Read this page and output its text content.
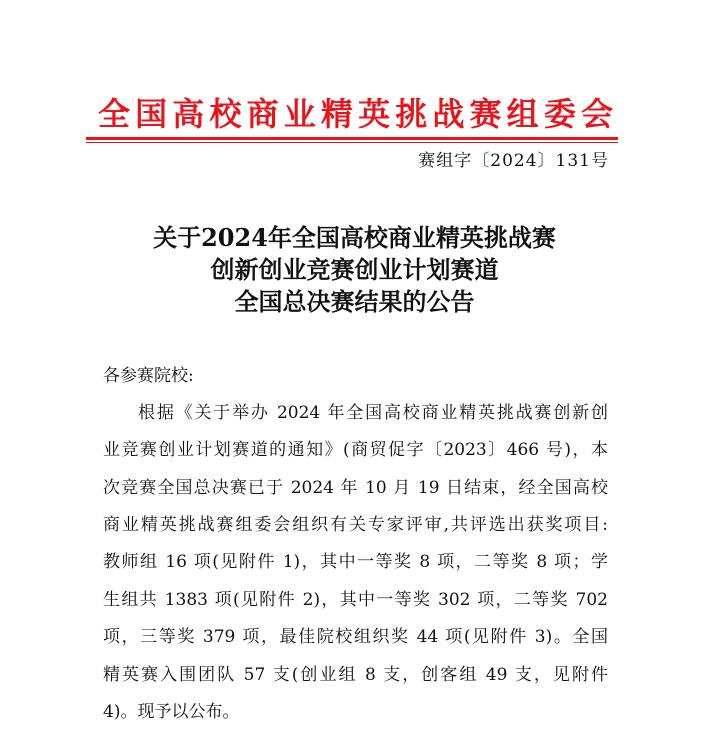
全国高校商业精英挑战赛组委会
赛组字〔2024〕131号
关于2024年全国高校商业精英挑战赛
创新创业竞赛创业计划赛道
全国总决赛结果的公告
各参赛院校:
根据《关于举办 2024 年全国高校商业精英挑战赛创新创
业竞赛创业计划赛道的通知》(商贸促字〔2023〕466 号)，本
次竞赛全国总决赛已于 2024 年 10 月 19 日结束，经全国高校
商业精英挑战赛组委会组织有关专家评审,共评选出获奖项目:
教师组 16 项(见附件 1)，其中一等奖 8 项，二等奖 8 项；学
生组共 1383 项(见附件 2)，其中一等奖 302 项，二等奖 702
项，三等奖 379 项，最佳院校组织奖 44 项(见附件 3)。全国
精英赛入围团队 57 支(创业组 8 支，创客组 49 支，见附件
4)。现予以公布。
